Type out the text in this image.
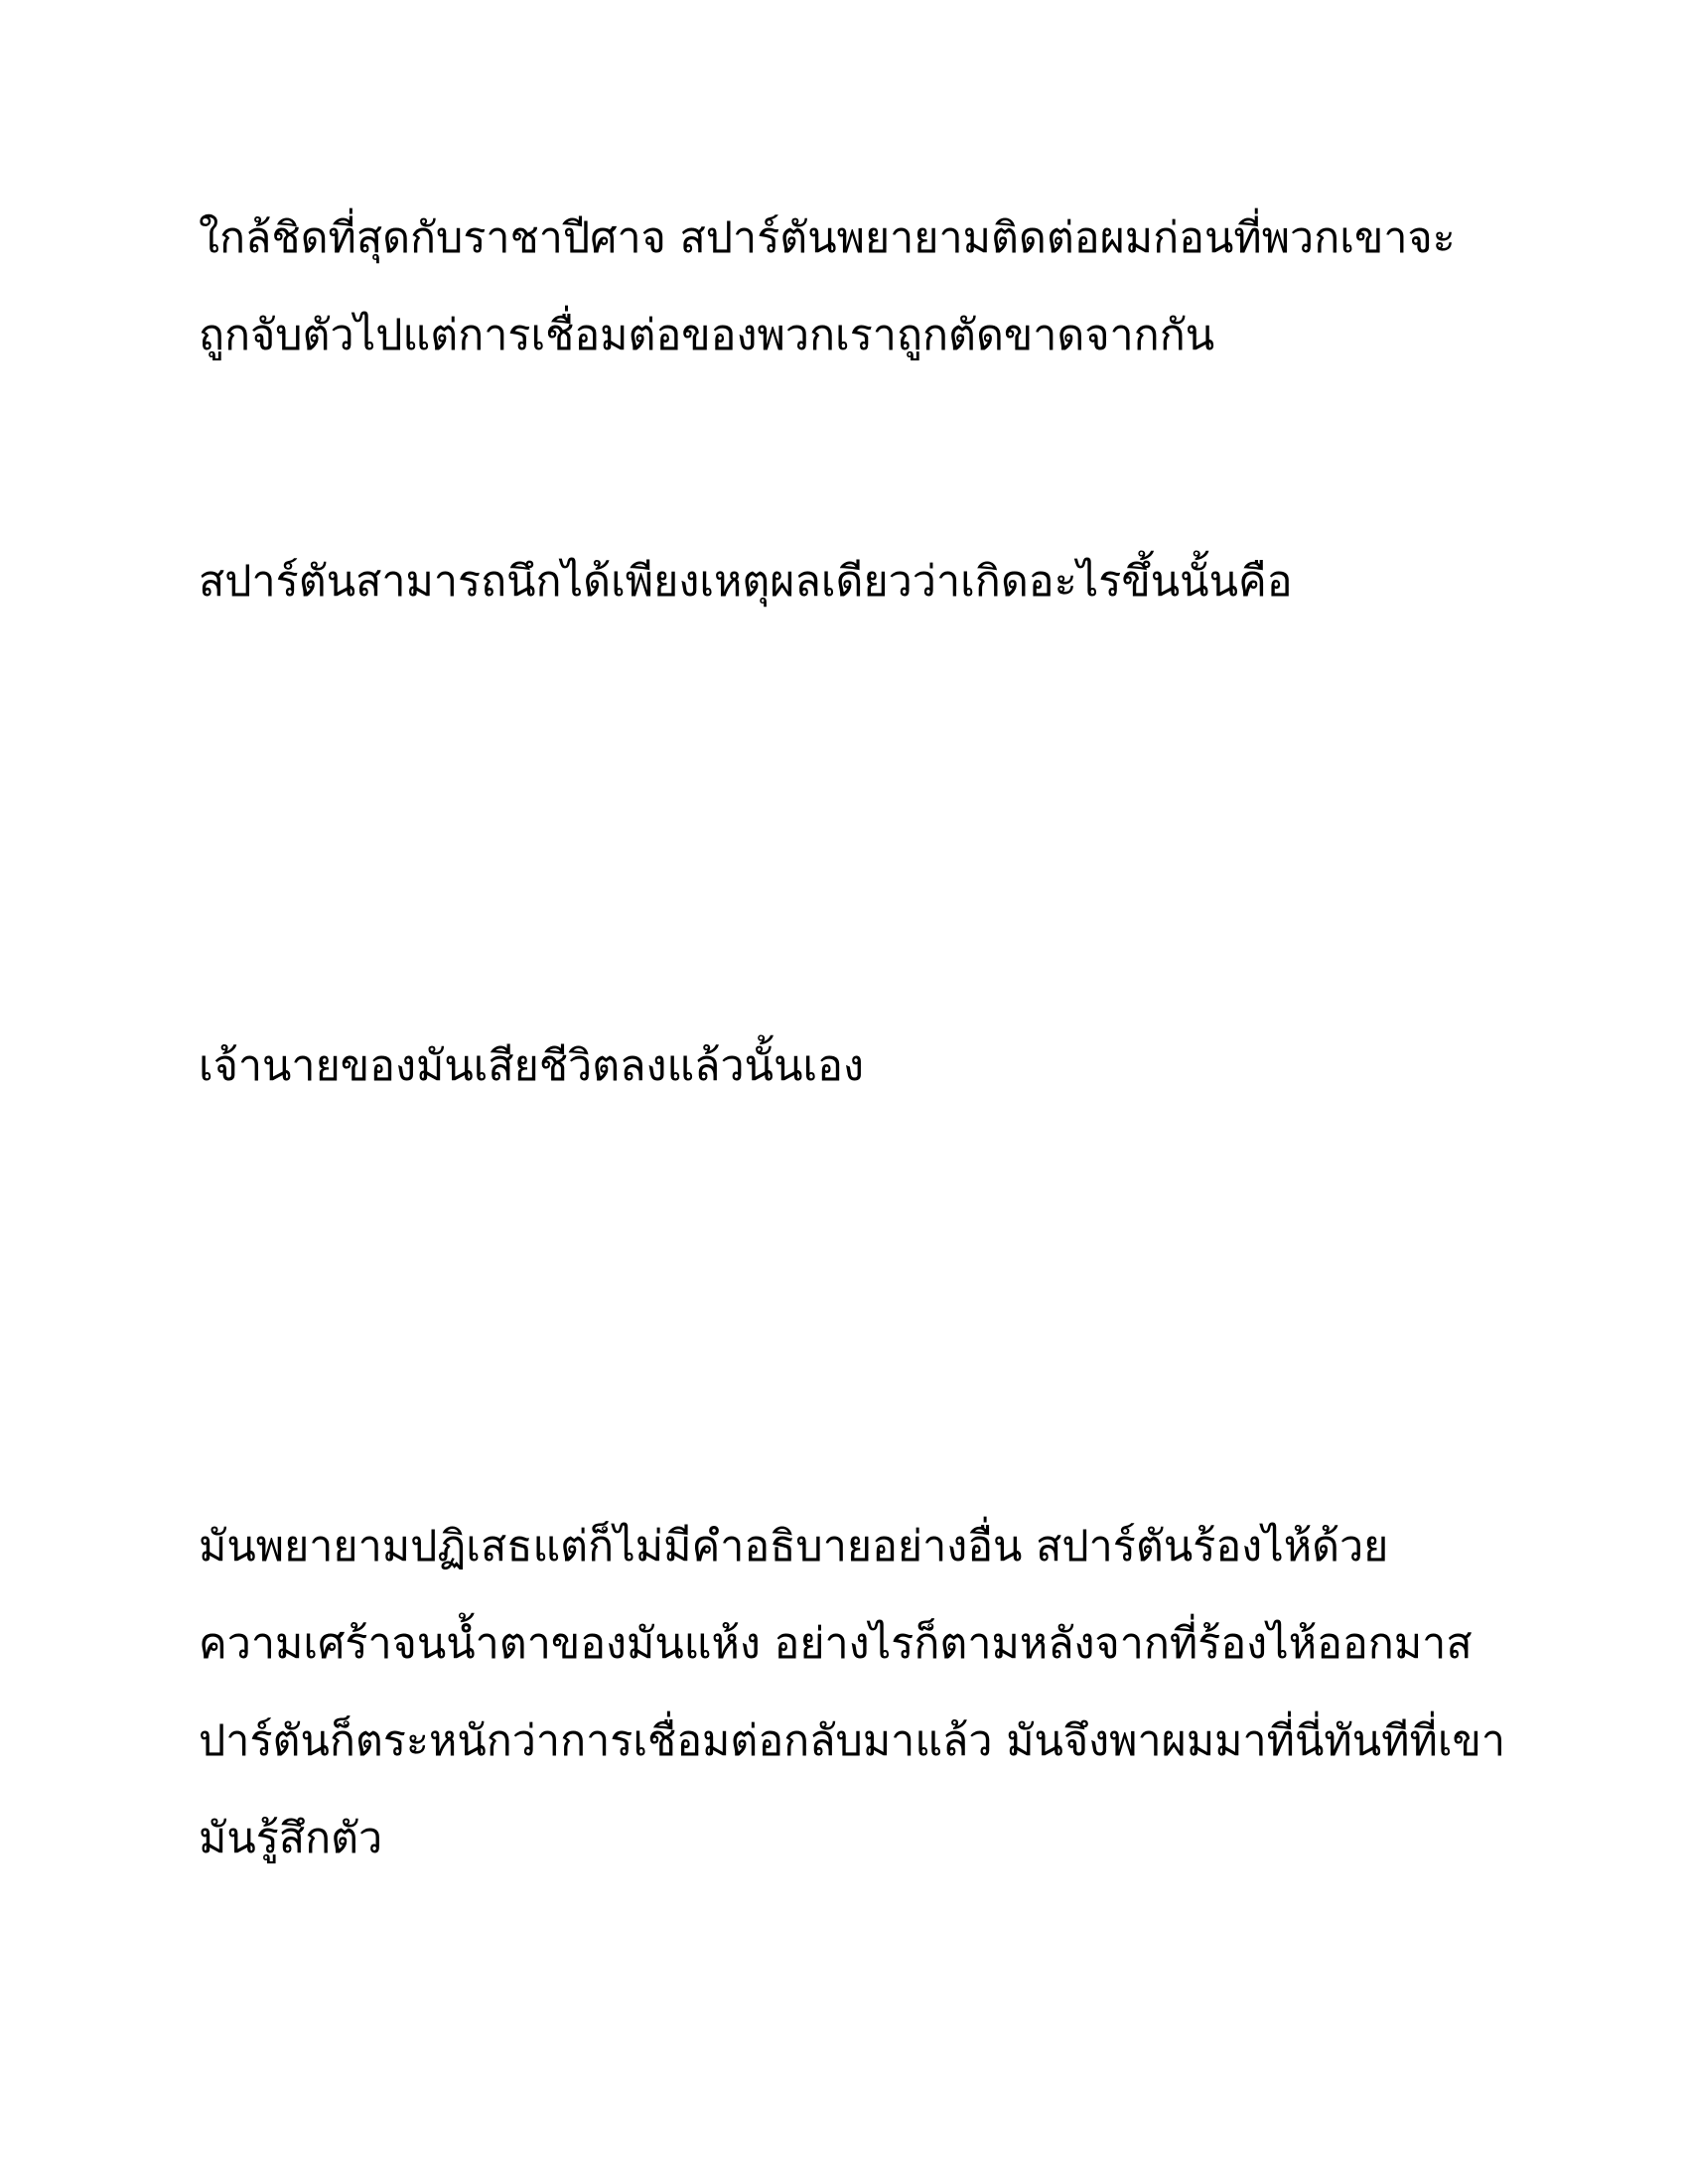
ใกล้ชิดที่สุดกับราชาปีศาจ สปาร์ตันพยายามติดต่อผมก่อนที่พวกเขาจะ
ถูกจับตัวไปแต่การเชื่อมต่อของพวกเราถูกตัดขาดจากกัน
สปาร์ตันสามารถนึกได้เพียงเหตุผลเดียวว่าเกิดอะไรขึ้นนั้นคือ
เจ้านายของมันเสียชีวิตลงแล้วนั้นเอง
มันพยายามปฏิเสธแต่ก็ไม่มีคำอธิบายอย่างอื่น สปาร์ตันร้องไห้ด้วย
ความเศร้าจนน้ำตาของมันแห้ง อย่างไรก็ตามหลังจากที่ร้องไห้ออกมาส
ปาร์ตันก็ตระหนักว่าการเชื่อมต่อกลับมาแล้ว มันจึงพาผมมาที่นี่ทันทีที่เขา
มันรู้สึกตัว
